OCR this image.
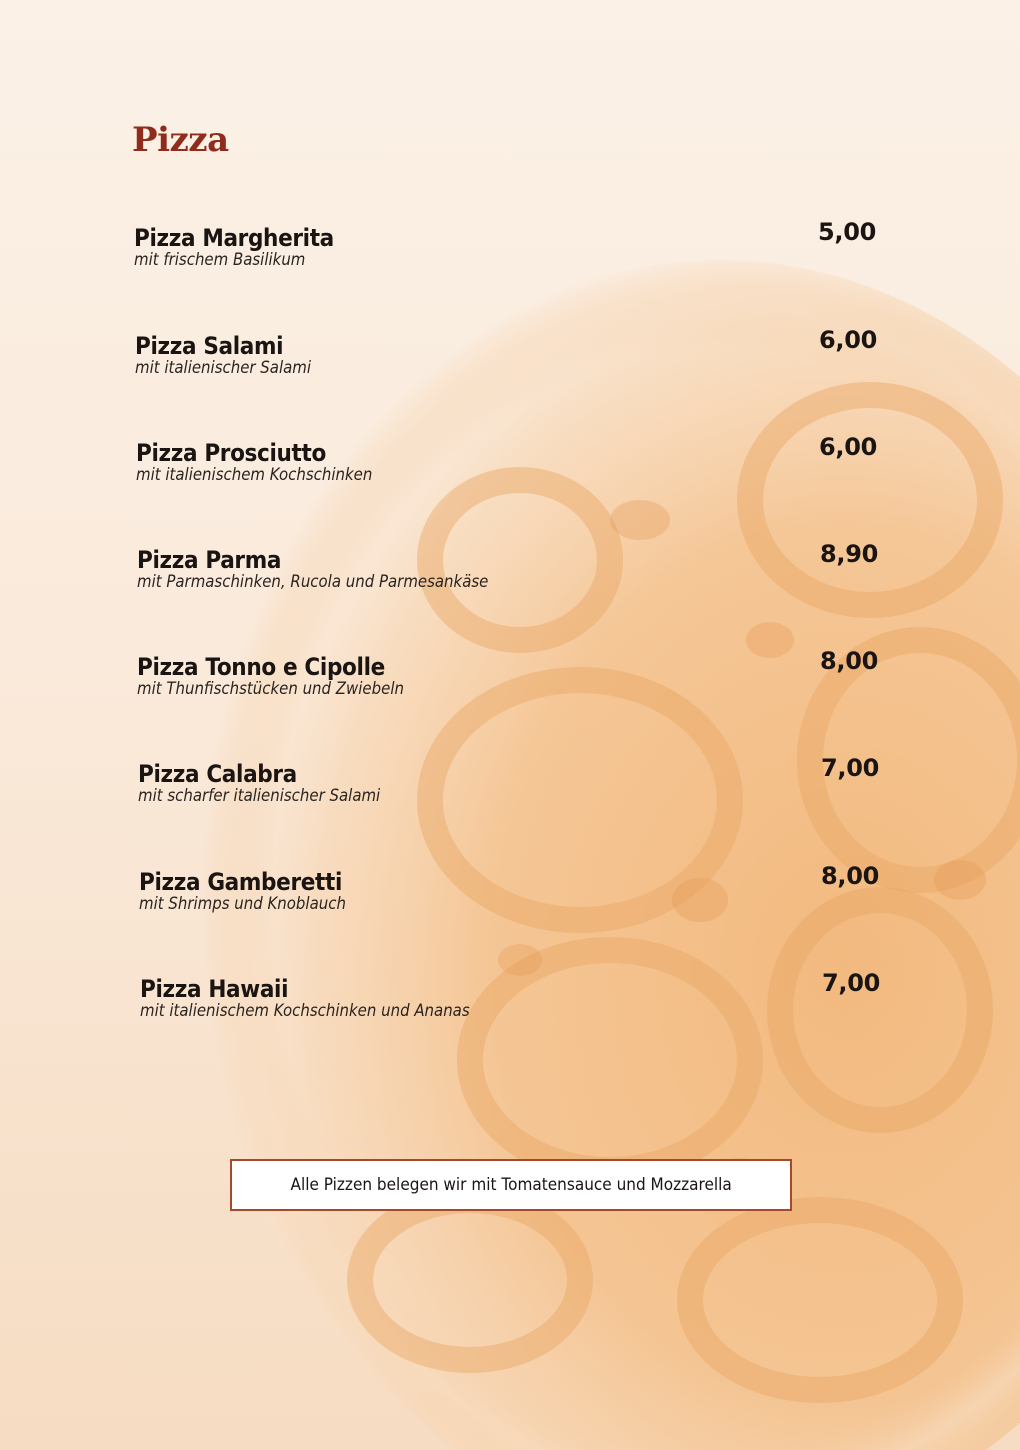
Pizza
Pizza Margherita
mit frischem Basilikum
5,00
Pizza Salami
mit italienischer Salami
6,00
Pizza Prosciutto
mit italienischem Kochschinken
6,00
Pizza Parma
mit Parmaschinken, Rucola und Parmesankäse
8,90
Pizza Tonno e Cipolle
mit Thunfischstücken und Zwiebeln
8,00
Pizza Calabra
mit scharfer italienischer Salami
7,00
Pizza Gamberetti
mit Shrimps und Knoblauch
8,00
Pizza Hawaii
mit italienischem Kochschinken und Ananas
7,00
Alle Pizzen belegen wir mit Tomatensauce und Mozzarella
